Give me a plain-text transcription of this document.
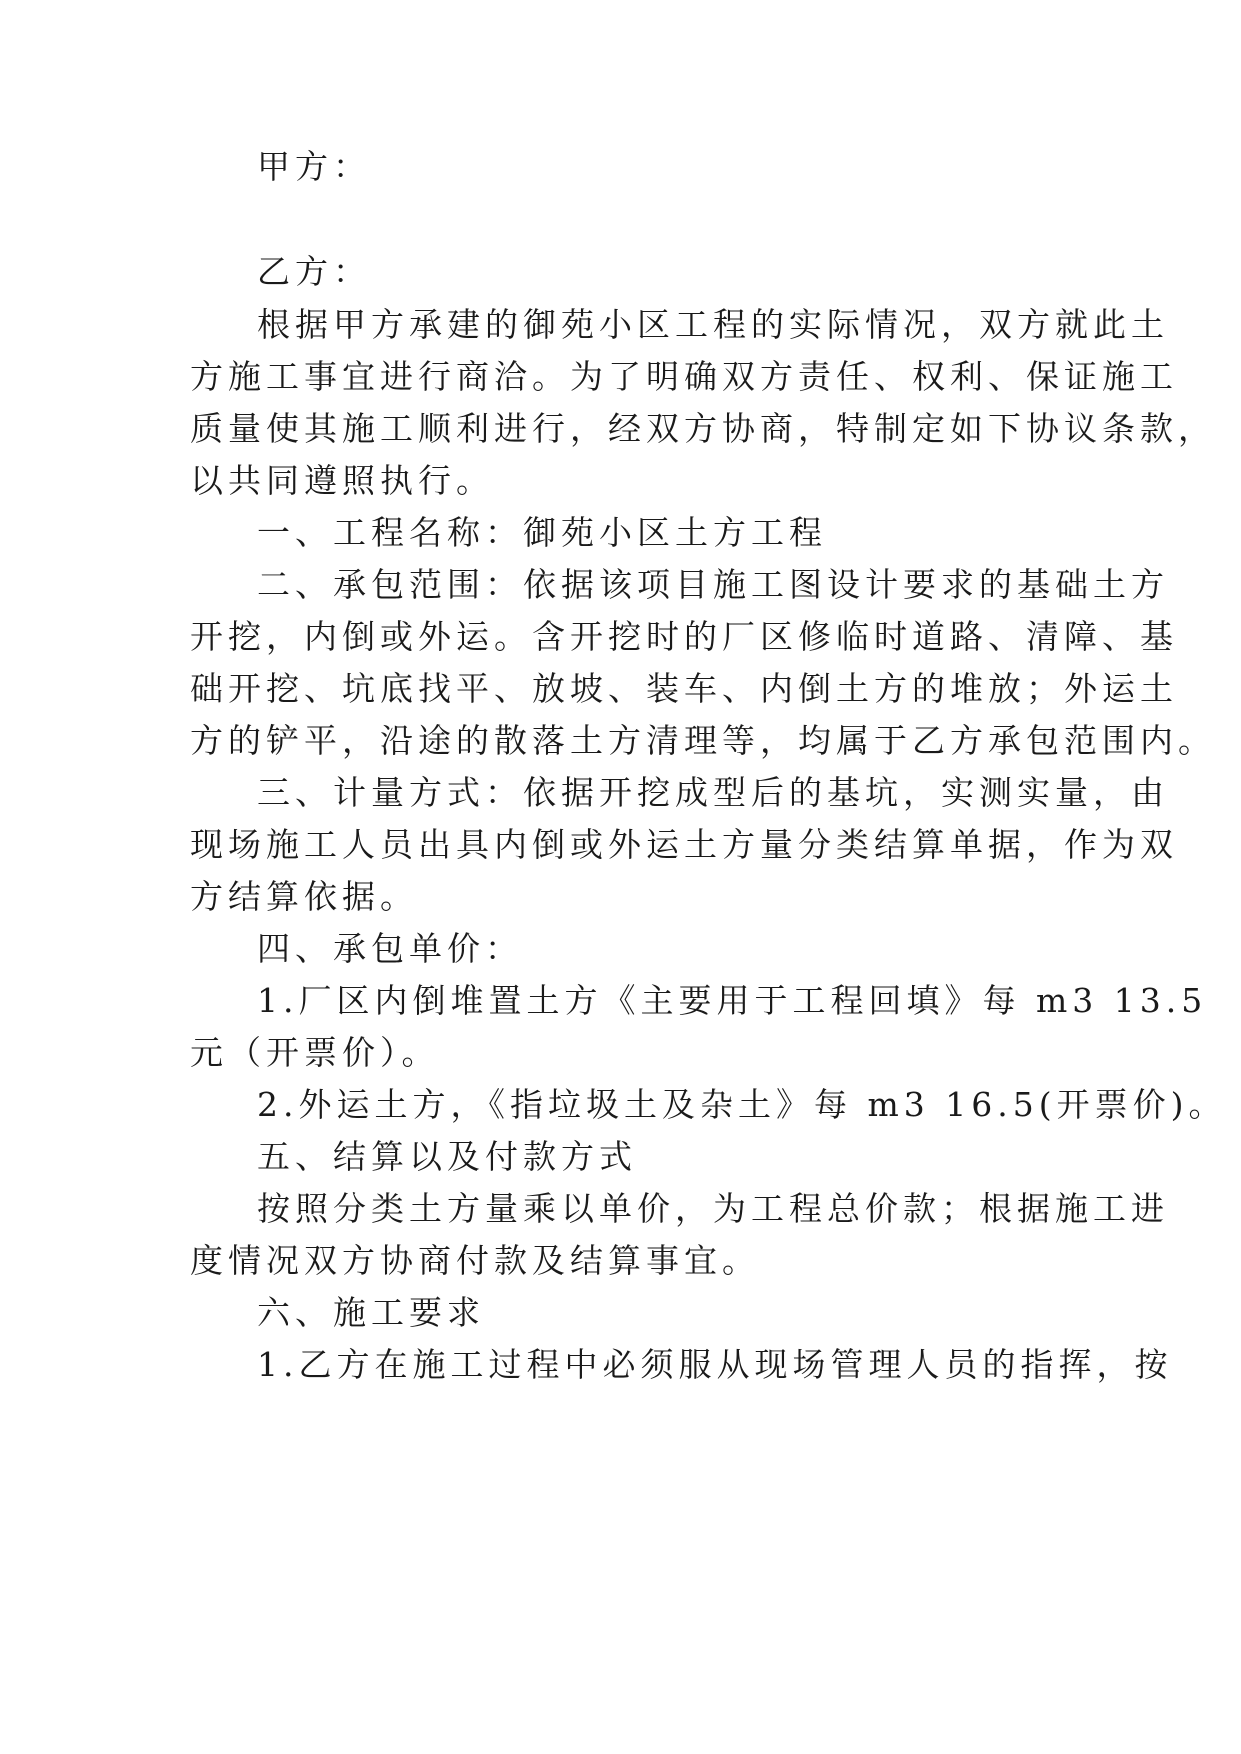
甲方：
乙方：
根据甲方承建的御苑小区工程的实际情况，双方就此土
方施工事宜进行商洽。为了明确双方责任、权利、保证施工
质量使其施工顺利进行，经双方协商，特制定如下协议条款，
以共同遵照执行。
一、工程名称：御苑小区土方工程
二、承包范围：依据该项目施工图设计要求的基础土方
开挖，内倒或外运。含开挖时的厂区修临时道路、清障、基
础开挖、坑底找平、放坡、装车、内倒土方的堆放；外运土
方的铲平，沿途的散落土方清理等，均属于乙方承包范围内。
三、计量方式：依据开挖成型后的基坑，实测实量，由
现场施工人员出具内倒或外运土方量分类结算单据，作为双
方结算依据。
四、承包单价：
1.厂区内倒堆置土方《主要用于工程回填》每 m3 13.5
元（开票价）。
2.外运土方，《指垃圾土及杂土》每 m3 16.5(开票价)。
五、结算以及付款方式
按照分类土方量乘以单价，为工程总价款；根据施工进
度情况双方协商付款及结算事宜。
六、施工要求
1.乙方在施工过程中必须服从现场管理人员的指挥，按
